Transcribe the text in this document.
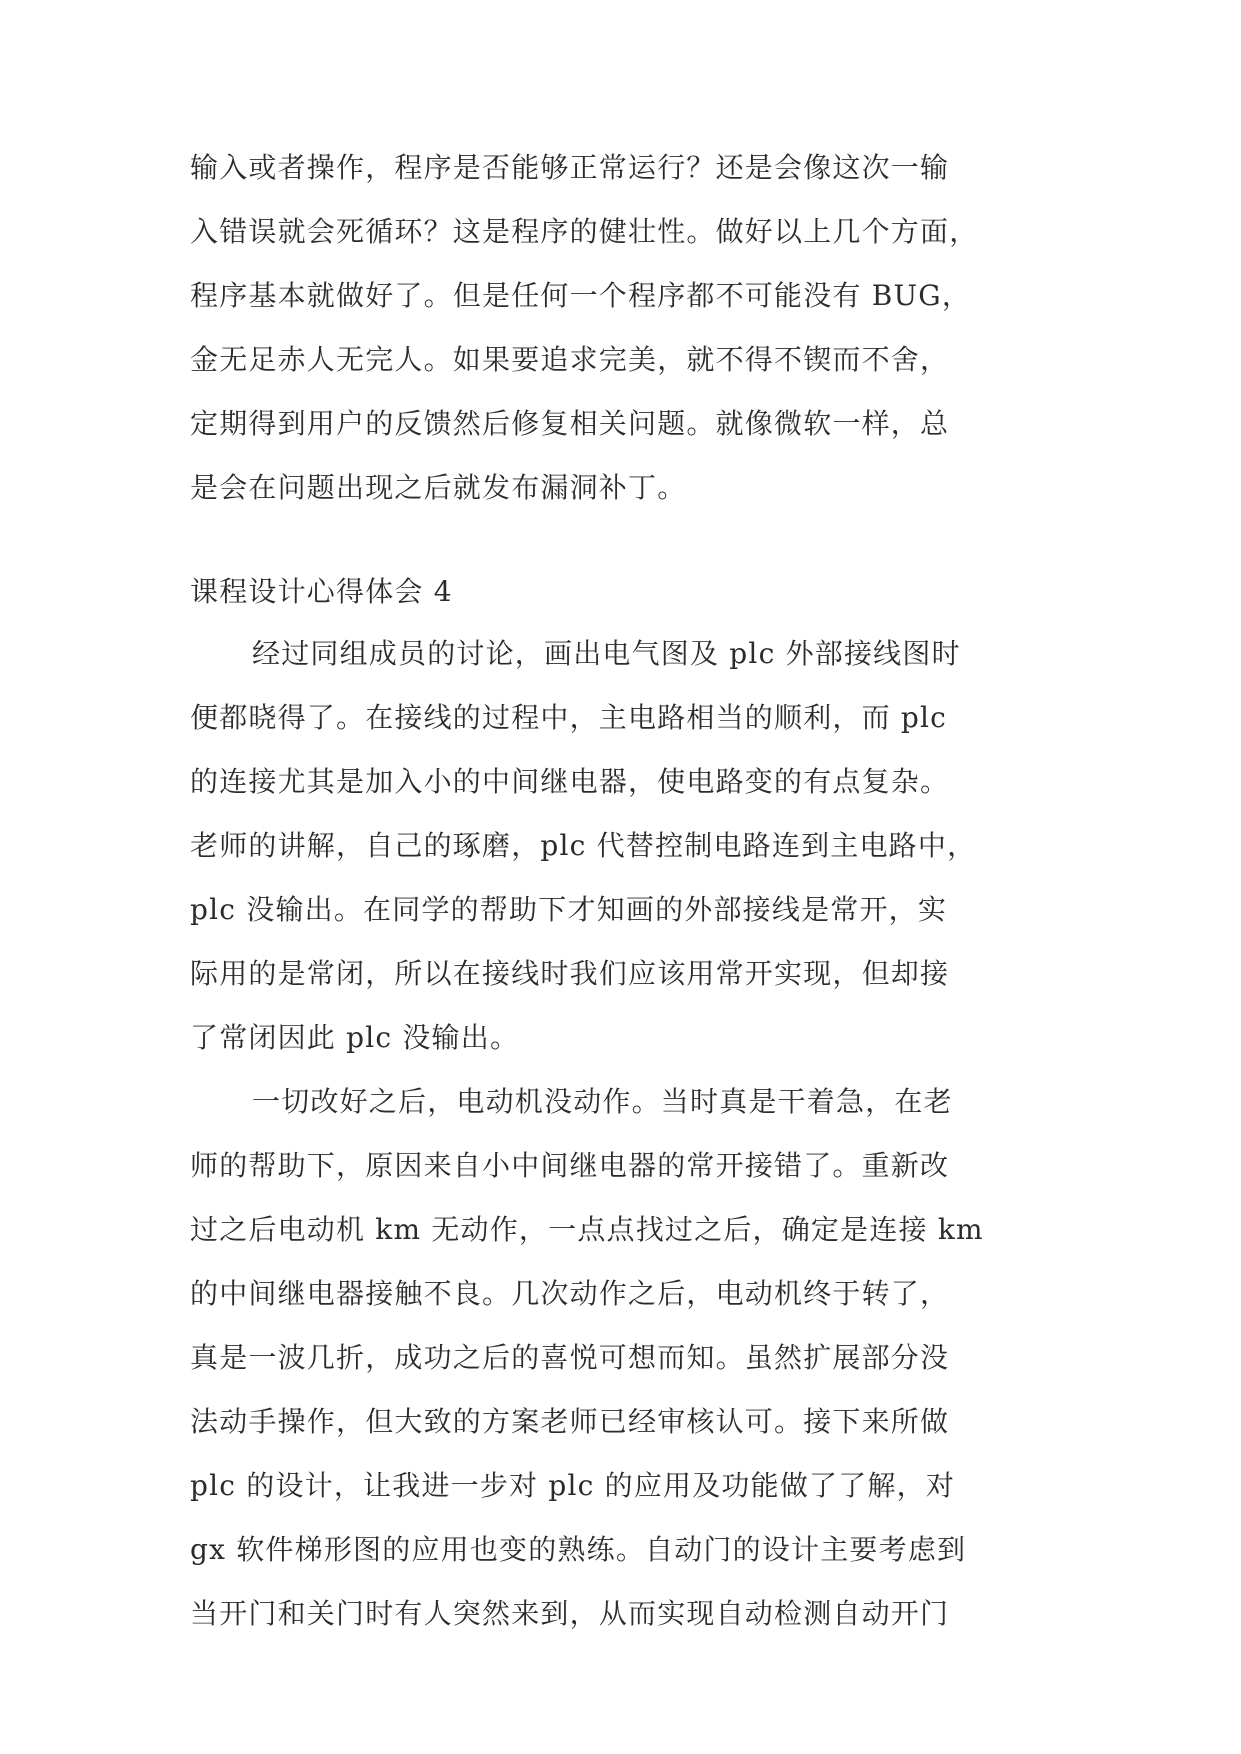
输入或者操作，程序是否能够正常运行？还是会像这次一输
入错误就会死循环？这是程序的健壮性。做好以上几个方面，
程序基本就做好了。但是任何一个程序都不可能没有 BUG，
金无足赤人无完人。如果要追求完美，就不得不锲而不舍，
定期得到用户的反馈然后修复相关问题。就像微软一样，总
是会在问题出现之后就发布漏洞补丁。
课程设计心得体会 4
经过同组成员的讨论，画出电气图及 plc 外部接线图时
便都晓得了。在接线的过程中，主电路相当的顺利，而 plc
的连接尤其是加入小的中间继电器，使电路变的有点复杂。
老师的讲解，自己的琢磨，plc 代替控制电路连到主电路中，
plc 没输出。在同学的帮助下才知画的外部接线是常开，实
际用的是常闭，所以在接线时我们应该用常开实现，但却接
了常闭因此 plc 没输出。
一切改好之后，电动机没动作。当时真是干着急，在老
师的帮助下，原因来自小中间继电器的常开接错了。重新改
过之后电动机 km 无动作，一点点找过之后，确定是连接 km
的中间继电器接触不良。几次动作之后，电动机终于转了，
真是一波几折，成功之后的喜悦可想而知。虽然扩展部分没
法动手操作，但大致的方案老师已经审核认可。接下来所做
plc 的设计，让我进一步对 plc 的应用及功能做了了解，对
gx 软件梯形图的应用也变的熟练。自动门的设计主要考虑到
当开门和关门时有人突然来到，从而实现自动检测自动开门
